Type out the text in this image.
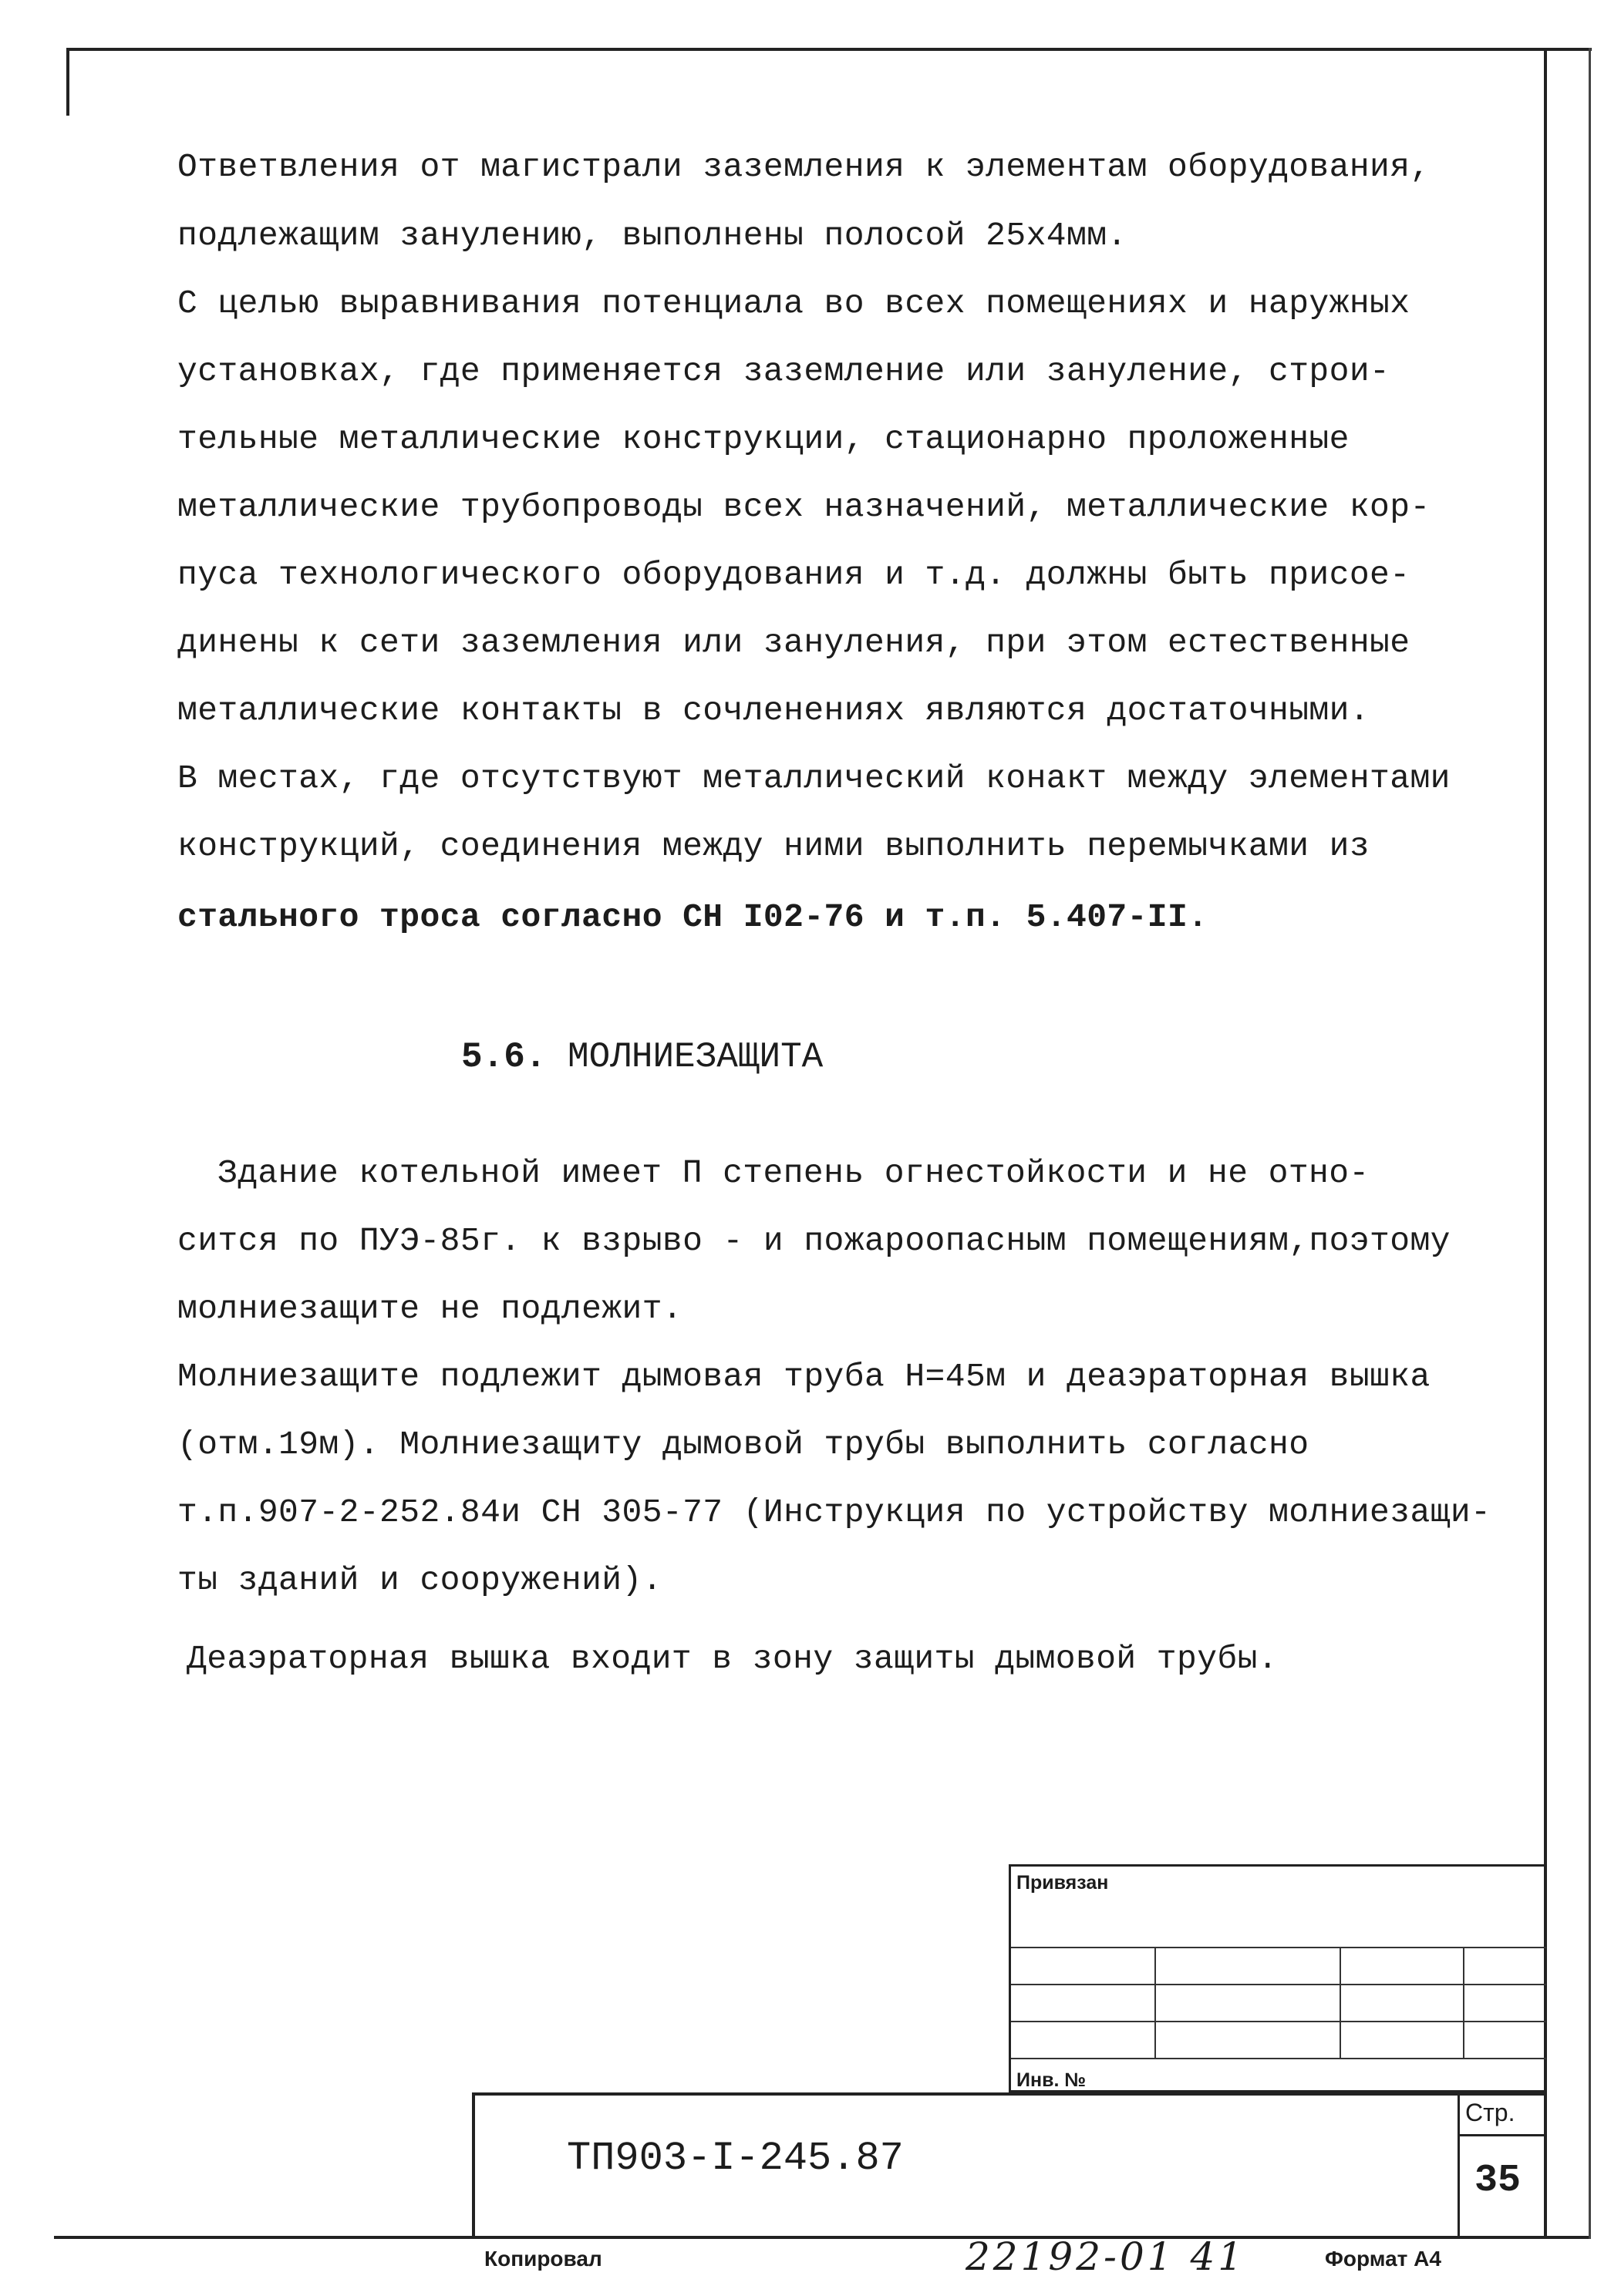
Ответвления от магистрали заземления к элементам оборудования,
подлежащим занулению, выполнены полосой 25х4мм.
С целью выравнивания потенциала во всех помещениях и наружных
установках, где применяется заземление или зануление, строи-
тельные металлические конструкции, стационарно проложенные
металлические трубопроводы всех назначений, металлические кор-
пуса технологического оборудования и т.д. должны быть присое-
динены к сети заземления или зануления, при этом естественные
металлические контакты в сочленениях являются достаточными.
В местах, где отсутствуют металлический конакт между элементами
конструкций, соединения между ними выполнить перемычками из
стального троса согласно СН I02-76 и т.п. 5.407-II.
5.6. МОЛНИЕЗАЩИТА
Здание котельной имеет П степень огнестойкости и не отно-
сится по ПУЭ-85г. к взрыво - и пожароопасным помещениям,поэтому
молниезащите не подлежит.
Молниезащите подлежит дымовая труба Н=45м и деаэраторная вышка
(отм.19м). Молниезащиту дымовой трубы выполнить согласно
т.п.907-2-252.84и СН 305-77 (Инструкция по устройству молниезащи-
ты зданий и сооружений).
Деаэраторная вышка входит в зону защиты дымовой трубы.
Привязан
Инв. №
ТП903-I-245.87
Стр.
35
Копировал	22192-01 41	Формат А4
